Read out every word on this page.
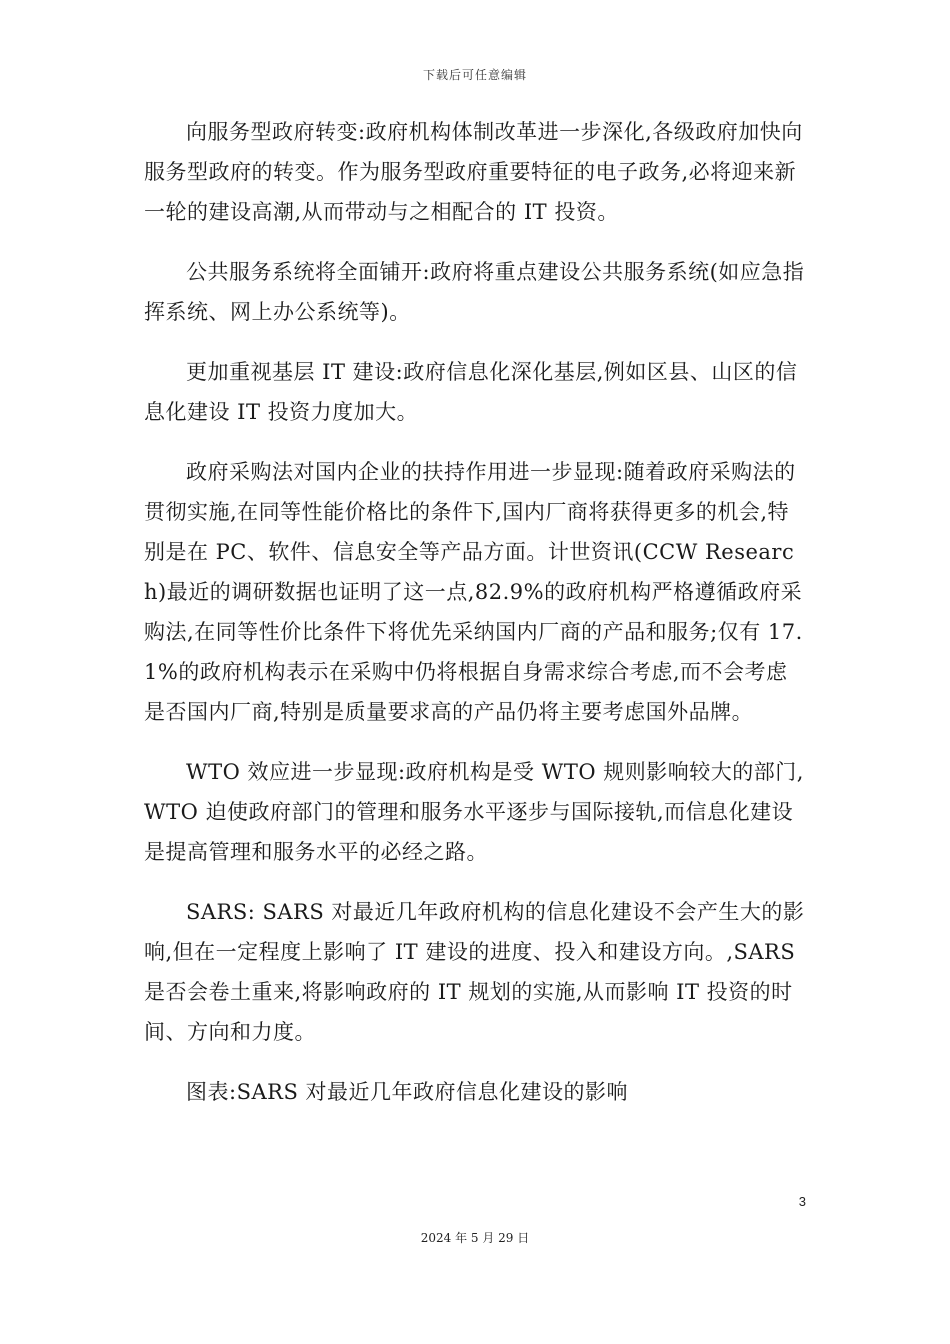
下载后可任意编辑

向服务型政府转变:政府机构体制改革进一步深化,各级政府加快向服务型政府的转变。作为服务型政府重要特征的电子政务,必将迎来新一轮的建设高潮,从而带动与之相配合的 IT 投资。

公共服务系统将全面铺开:政府将重点建设公共服务系统(如应急指挥系统、网上办公系统等)。

更加重视基层 IT 建设:政府信息化深化基层,例如区县、山区的信息化建设 IT 投资力度加大。

政府采购法对国内企业的扶持作用进一步显现:随着政府采购法的贯彻实施,在同等性能价格比的条件下,国内厂商将获得更多的机会,特别是在 PC、软件、信息安全等产品方面。计世资讯(CCW Research)最近的调研数据也证明了这一点,82.9%的政府机构严格遵循政府采购法,在同等性价比条件下将优先采纳国内厂商的产品和服务;仅有 17.1%的政府机构表示在采购中仍将根据自身需求综合考虑,而不会考虑是否国内厂商,特别是质量要求高的产品仍将主要考虑国外品牌。

WTO 效应进一步显现:政府机构是受 WTO 规则影响较大的部门,WTO 迫使政府部门的管理和服务水平逐步与国际接轨,而信息化建设是提高管理和服务水平的必经之路。

SARS: SARS 对最近几年政府机构的信息化建设不会产生大的影响,但在一定程度上影响了 IT 建设的进度、投入和建设方向。,SARS 是否会卷土重来,将影响政府的 IT 规划的实施,从而影响 IT 投资的时间、方向和力度。

图表:SARS 对最近几年政府信息化建设的影响

3
2024 年 5 月 29 日
